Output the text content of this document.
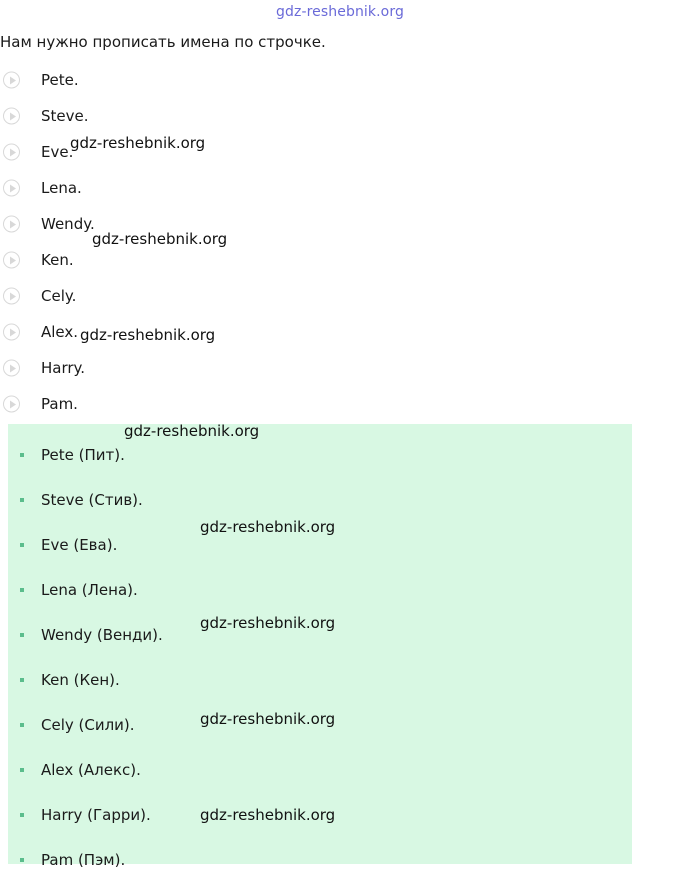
gdz-reshebnik.org
Нам нужно прописать имена по строчке.
Pete.
Steve.
Eve.
Lena.
Wendy.
Ken.
Cely.
Alex.
Harry.
Pam.
Pete (Пит).
Steve (Стив).
Eve (Ева).
Lena (Лена).
Wendy (Венди).
Ken (Кен).
Cely (Сили).
Alex (Алекс).
Harry (Гарри).
Pam (Пэм).
gdz-reshebnik.org
gdz-reshebnik.org
gdz-reshebnik.org
gdz-reshebnik.org
gdz-reshebnik.org
gdz-reshebnik.org
gdz-reshebnik.org
gdz-reshebnik.org
